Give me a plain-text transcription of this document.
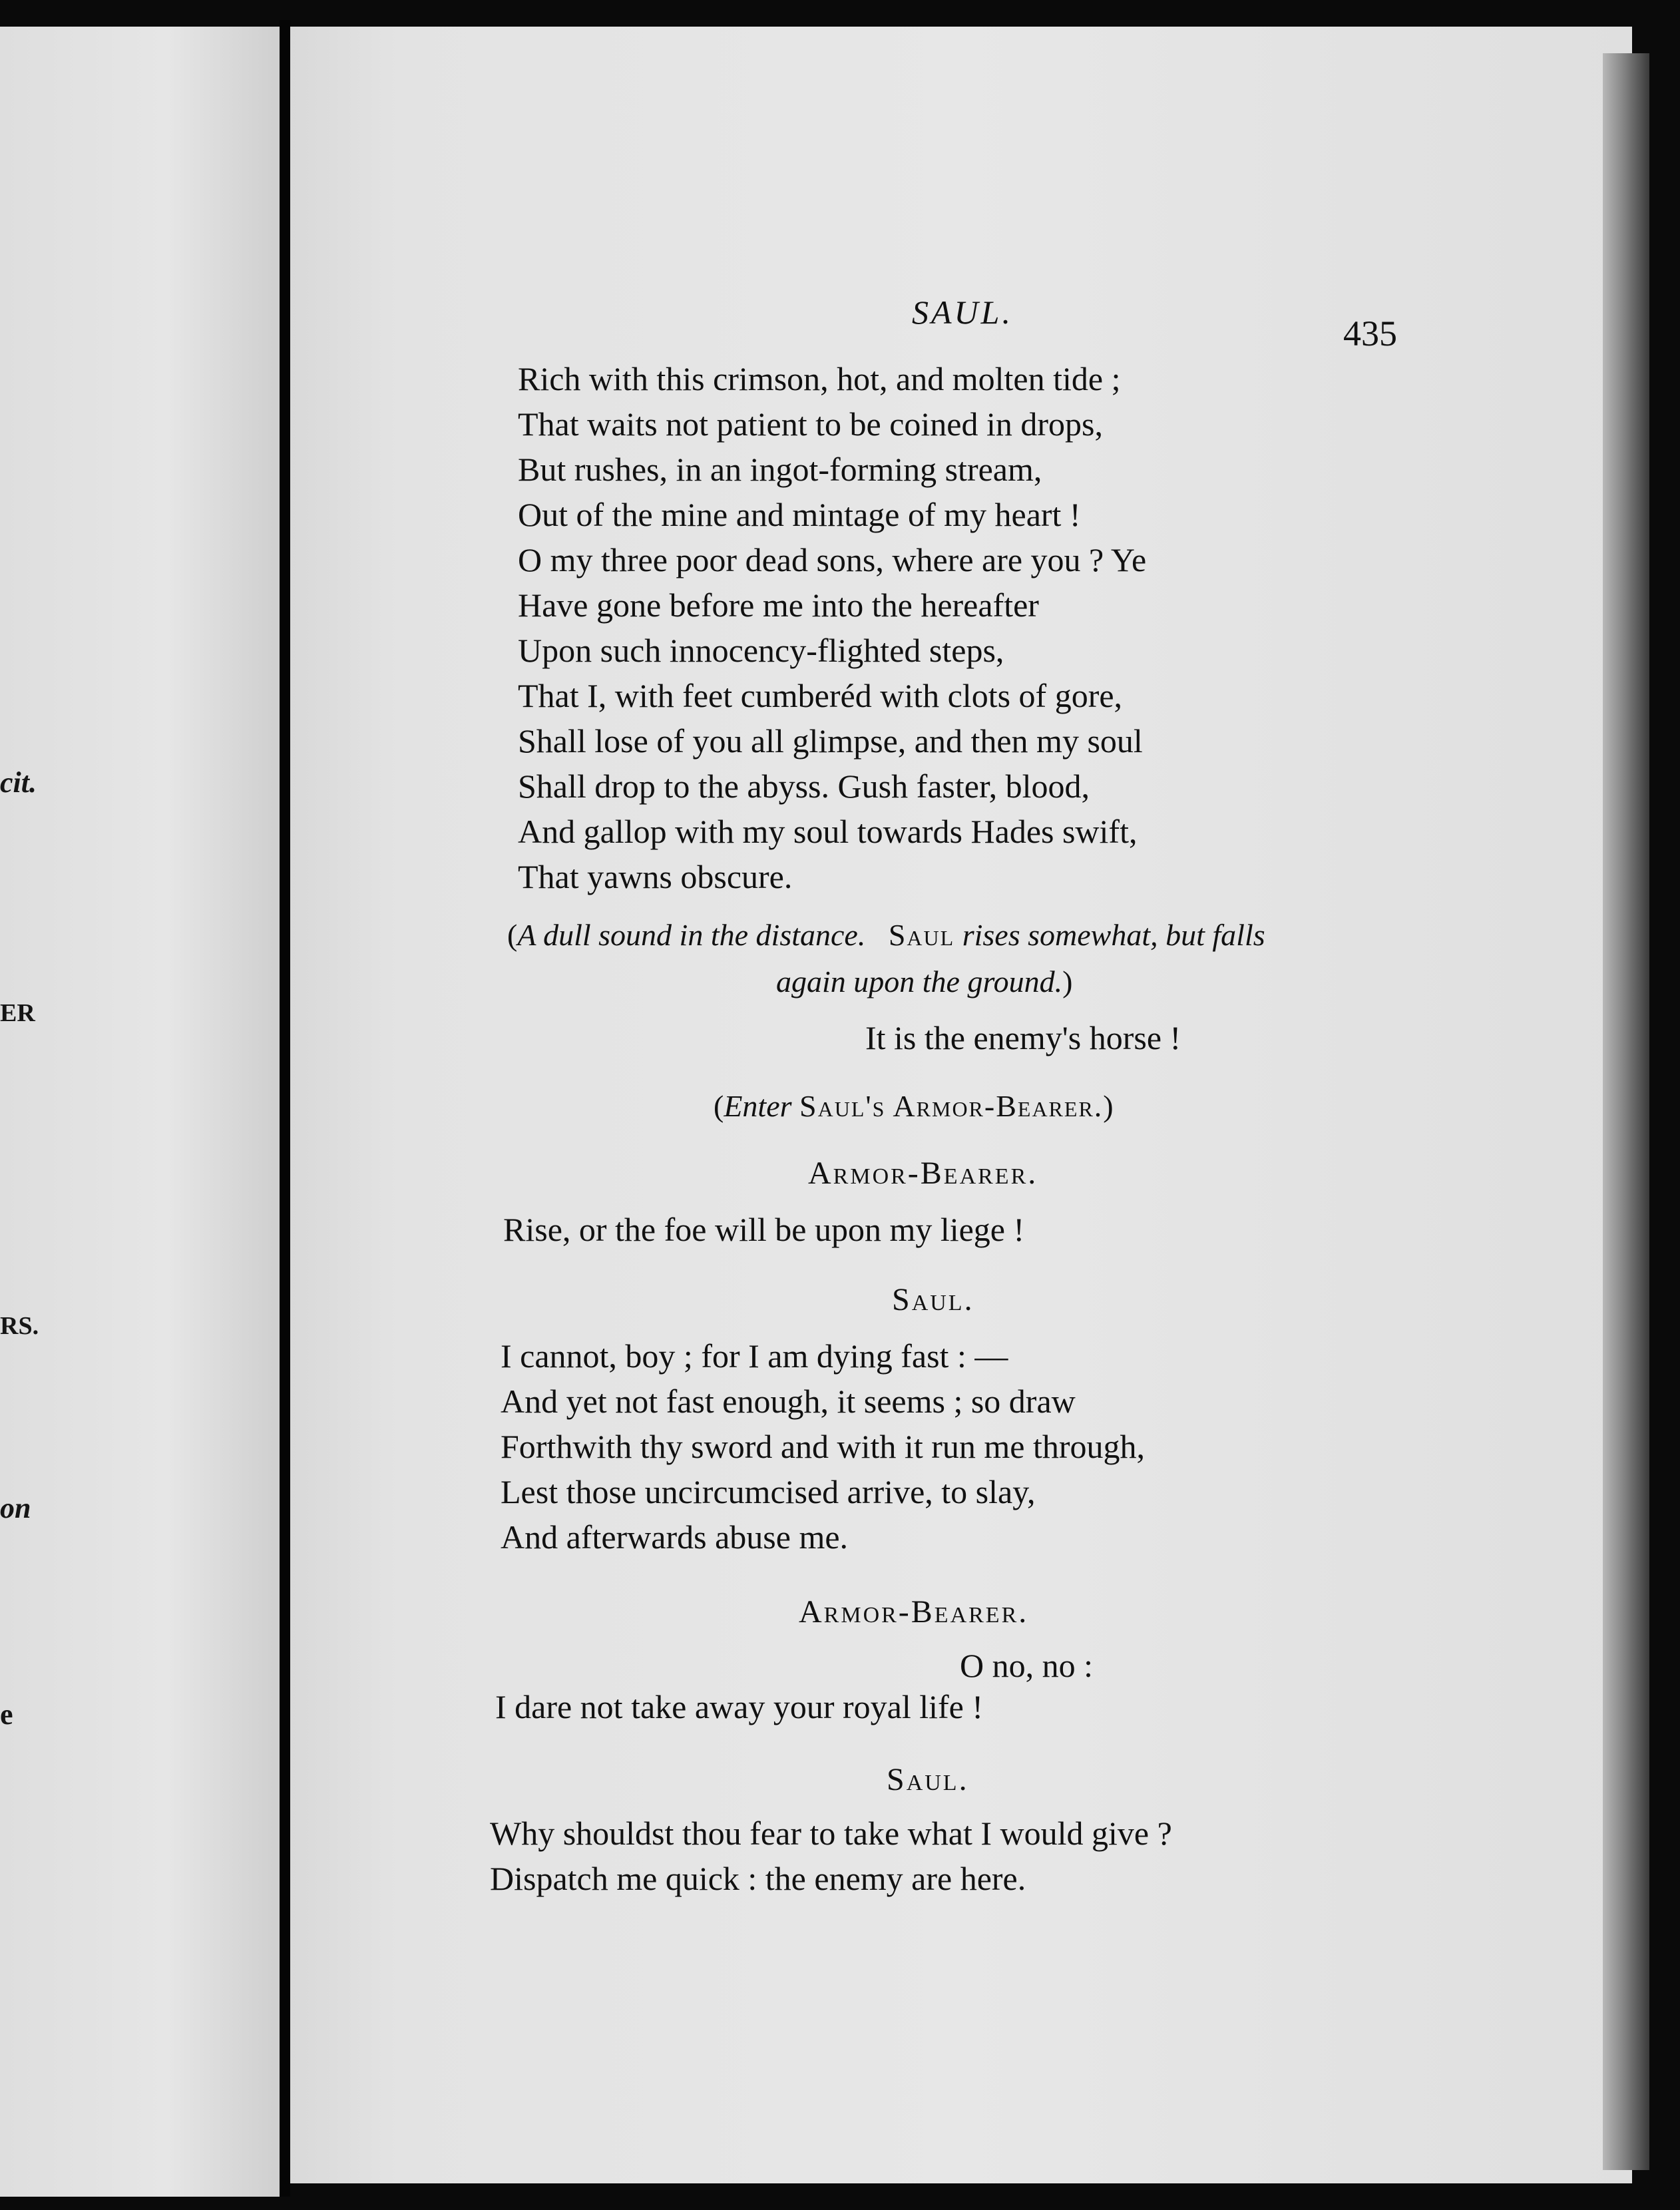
cit.
ER
RS.
on
e
SAUL.
435
Rich with this crimson, hot, and molten tide ;
That waits not patient to be coined in drops,
But rushes, in an ingot-forming stream,
Out of the mine and mintage of my heart !
O my three poor dead sons, where are you ? Ye
Have gone before me into the hereafter
Upon such innocency-flighted steps,
That I, with feet cumberéd with clots of gore,
Shall lose of you all glimpse, and then my soul
Shall drop to the abyss. Gush faster, blood,
And gallop with my soul towards Hades swift,
That yawns obscure.
(A dull sound in the distance. Saul rises somewhat, but falls
again upon the ground.)
It is the enemy's horse !
(Enter Saul's Armor-Bearer.)
Armor-Bearer.
Rise, or the foe will be upon my liege !
Saul.
I cannot, boy ; for I am dying fast : —
And yet not fast enough, it seems ; so draw
Forthwith thy sword and with it run me through,
Lest those uncircumcised arrive, to slay,
And afterwards abuse me.
Armor-Bearer.
O no, no :
I dare not take away your royal life !
Saul.
Why shouldst thou fear to take what I would give ?
Dispatch me quick : the enemy are here.
